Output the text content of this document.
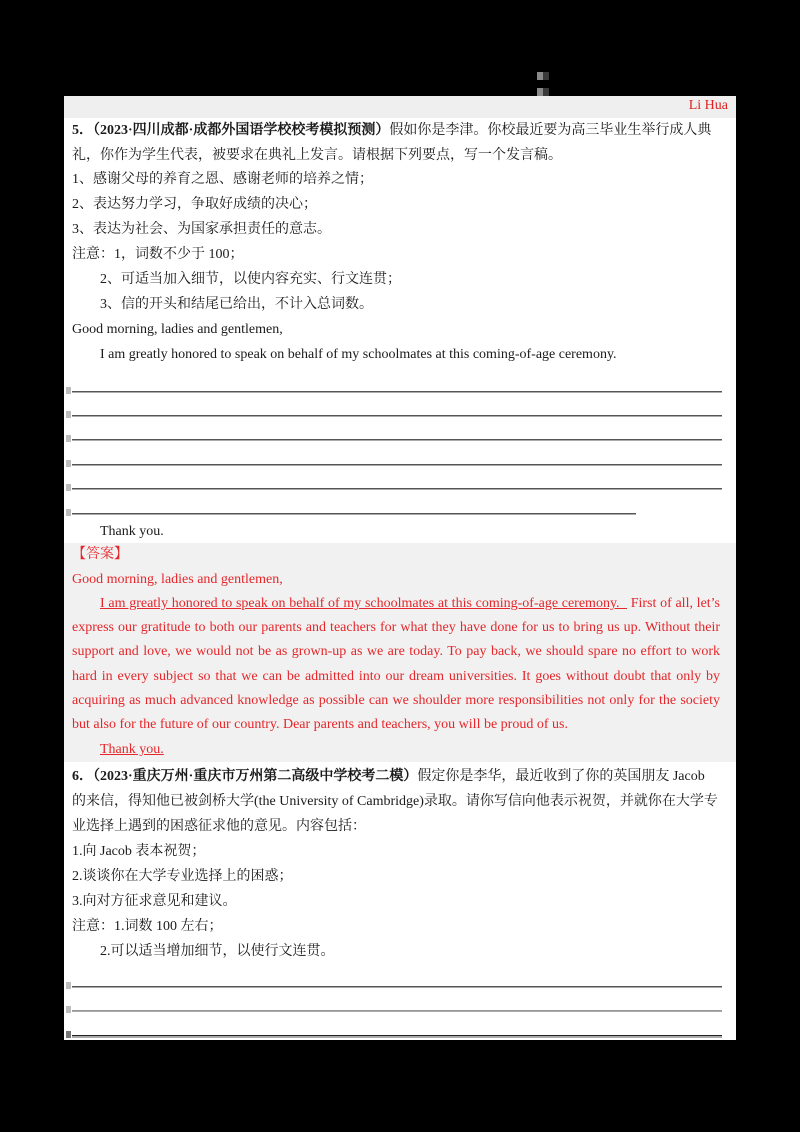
Li Hua
5．（2023·四川成都·成都外国语学校校考模拟预测）假如你是李津。你校最近要为高三毕业生举行成人典
礼，你作为学生代表，被要求在典礼上发言。请根据下列要点，写一个发言稿。
1、感谢父母的养育之恩、感谢老师的培养之情；
2、表达努力学习，争取好成绩的决心；
3、表达为社会、为国家承担责任的意志。
注意：1，词数不少于 100；
2、可适当加入细节，以使内容充实、行文连贯；
3、信的开头和结尾已给出，不计入总词数。
Good morning, ladies and gentlemen,
I am greatly honored to speak on behalf of my schoolmates at this coming-of-age ceremony.
Thank you.
【答案】
Good morning, ladies and gentlemen,
I am greatly honored to speak on behalf of my schoolmates at this coming-of-age ceremony. First of all, let’s express our gratitude to both our parents and teachers for what they have done for us to bring us up. Without their support and love, we would not be as grown-up as we are today. To pay back, we should spare no effort to work hard in every subject so that we can be admitted into our dream universities. It goes without doubt that only by acquiring as much advanced knowledge as possible can we shoulder more responsibilities not only for the society but also for the future of our country. Dear parents and teachers, you will be proud of us.
Thank you.
6．（2023·重庆万州·重庆市万州第二高级中学校考二模）假定你是李华，最近收到了你的英国朋友 Jacob
的来信，得知他已被剑桥大学(the University of Cambridge)录取。请你写信向他表示祝贺，并就你在大学专
业选择上遇到的困惑征求他的意见。内容包括：
1.向 Jacob 表本祝贺；
2.谈谈你在大学专业选择上的困惑；
3.向对方征求意见和建议。
注意：1.词数 100 左右；
2.可以适当增加细节，以使行文连贯。
